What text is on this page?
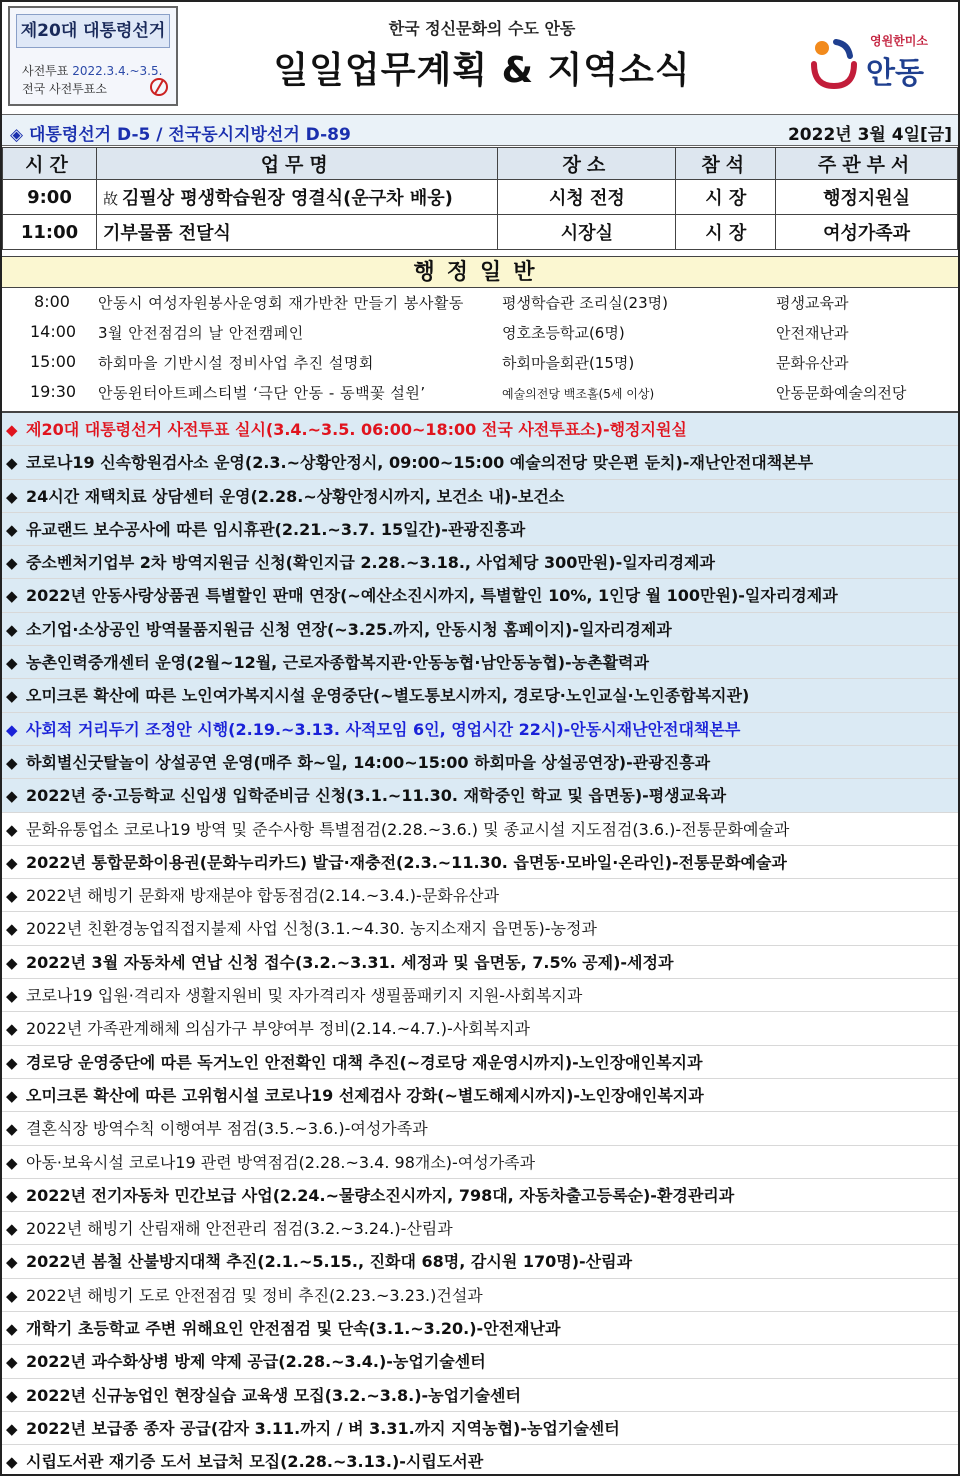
제20대 대통령선거
사전투표 2022.3.4.~3.5.
전국 사전투표소
한국 정신문화의 수도 안동
일일업무계획 & 지역소식
영원한미소
안동
◈ 대통령선거 D-5 / 전국동시지방선거 D-89	2022년 3월 4일[금]
시간	업무명	장소	참석	주관부서
9:00	故 김필상 평생학습원장 영결식(운구차 배웅)	시청 전정	시 장	행정지원실
11:00	기부물품 전달식	시장실	시 장	여성가족과
행정일반
8:00 안동시 여성자원봉사운영회 재가반찬 만들기 봉사활동	평생학습관 조리실(23명)	평생교육과
14:00 3월 안전점검의 날 안전캠페인	영호초등학교(6명)	안전재난과
15:00 하회마을 기반시설 정비사업 추진 설명회	하회마을회관(15명)	문화유산과
19:30 안동윈터아트페스티벌 ‘극단 안동 - 동백꽃 설원’	예술의전당 백조홀(5세 이상)	안동문화예술의전당
◆ 제20대 대통령선거 사전투표 실시(3.4.~3.5. 06:00~18:00 전국 사전투표소)-행정지원실
◆ 코로나19 신속항원검사소 운영(2.3.~상황안정시, 09:00~15:00 예술의전당 맞은편 둔치)-재난안전대책본부
◆ 24시간 재택치료 상담센터 운영(2.28.~상황안정시까지, 보건소 내)-보건소
◆ 유교랜드 보수공사에 따른 임시휴관(2.21.~3.7. 15일간)-관광진흥과
◆ 중소벤처기업부 2차 방역지원금 신청(확인지급 2.28.~3.18., 사업체당 300만원)-일자리경제과
◆ 2022년 안동사랑상품권 특별할인 판매 연장(~예산소진시까지, 특별할인 10%, 1인당 월 100만원)-일자리경제과
◆ 소기업·소상공인 방역물품지원금 신청 연장(~3.25.까지, 안동시청 홈페이지)-일자리경제과
◆ 농촌인력중개센터 운영(2월~12월, 근로자종합복지관·안동농협·남안동농협)-농촌활력과
◆ 오미크론 확산에 따른 노인여가복지시설 운영중단(~별도통보시까지, 경로당·노인교실·노인종합복지관)
◆ 사회적 거리두기 조정안 시행(2.19.~3.13. 사적모임 6인, 영업시간 22시)-안동시재난안전대책본부
◆ 하회별신굿탈놀이 상설공연 운영(매주 화~일, 14:00~15:00 하회마을 상설공연장)-관광진흥과
◆ 2022년 중·고등학교 신입생 입학준비금 신청(3.1.~11.30. 재학중인 학교 및 읍면동)-평생교육과
◆ 문화유통업소 코로나19 방역 및 준수사항 특별점검(2.28.~3.6.) 및 종교시설 지도점검(3.6.)-전통문화예술과
◆ 2022년 통합문화이용권(문화누리카드) 발급·재충전(2.3.~11.30. 읍면동·모바일·온라인)-전통문화예술과
◆ 2022년 해빙기 문화재 방재분야 합동점검(2.14.~3.4.)-문화유산과
◆ 2022년 친환경농업직접지불제 사업 신청(3.1.~4.30. 농지소재지 읍면동)-농정과
◆ 2022년 3월 자동차세 연납 신청 접수(3.2.~3.31. 세정과 및 읍면동, 7.5% 공제)-세정과
◆ 코로나19 입원·격리자 생활지원비 및 자가격리자 생필품패키지 지원-사회복지과
◆ 2022년 가족관계해체 의심가구 부양여부 정비(2.14.~4.7.)-사회복지과
◆ 경로당 운영중단에 따른 독거노인 안전확인 대책 추진(~경로당 재운영시까지)-노인장애인복지과
◆ 오미크론 확산에 따른 고위험시설 코로나19 선제검사 강화(~별도해제시까지)-노인장애인복지과
◆ 결혼식장 방역수칙 이행여부 점검(3.5.~3.6.)-여성가족과
◆ 아동·보육시설 코로나19 관련 방역점검(2.28.~3.4. 98개소)-여성가족과
◆ 2022년 전기자동차 민간보급 사업(2.24.~물량소진시까지, 798대, 자동차출고등록순)-환경관리과
◆ 2022년 해빙기 산림재해 안전관리 점검(3.2.~3.24.)-산림과
◆ 2022년 봄철 산불방지대책 추진(2.1.~5.15., 진화대 68명, 감시원 170명)-산림과
◆ 2022년 해빙기 도로 안전점검 및 정비 추진(2.23.~3.23.)건설과
◆ 개학기 초등학교 주변 위해요인 안전점검 및 단속(3.1.~3.20.)-안전재난과
◆ 2022년 과수화상병 방제 약제 공급(2.28.~3.4.)-농업기술센터
◆ 2022년 신규농업인 현장실습 교육생 모집(3.2.~3.8.)-농업기술센터
◆ 2022년 보급종 종자 공급(감자 3.11.까지 / 벼 3.31.까지 지역농협)-농업기술센터
◆ 시립도서관 재기증 도서 보급처 모집(2.28.~3.13.)-시립도서관
